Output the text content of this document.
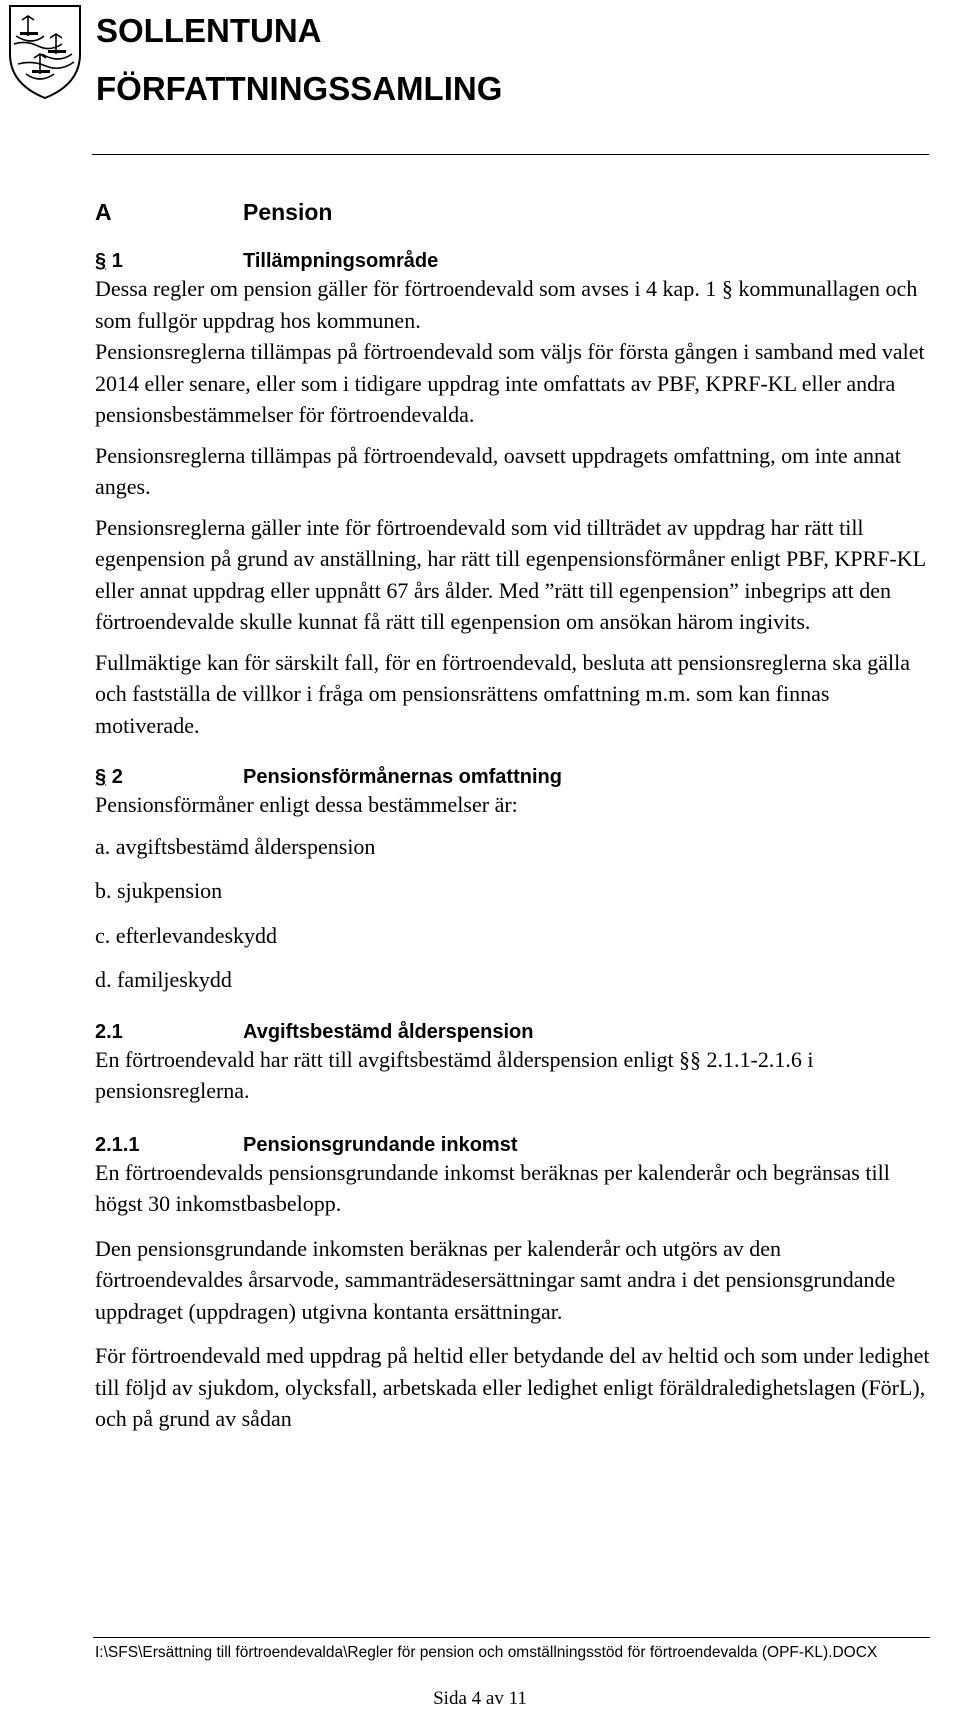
SOLLENTUNA
FÖRFATTNINGSSAMLING
A	Pension
§ 1	Tillämpningsområde

Dessa regler om pension gäller för förtroendevald som avses i 4 kap. 1 § kommunallagen och som fullgör uppdrag hos kommunen.

Pensionsreglerna tillämpas på förtroendevald som väljs för första gången i samband med valet 2014 eller senare, eller som i tidigare uppdrag inte omfattats av PBF, KPRF-KL eller andra pensionsbestämmelser för förtroendevalda.

Pensionsreglerna tillämpas på förtroendevald, oavsett uppdragets omfattning, om inte annat anges.

Pensionsreglerna gäller inte för förtroendevald som vid tillträdet av uppdrag har rätt till egenpension på grund av anställning, har rätt till egenpensionsförmåner enligt PBF, KPRF-KL eller annat uppdrag eller uppnått 67 års ålder. Med ”rätt till egenpension” inbegrips att den förtroendevalde skulle kunnat få rätt till egenpension om ansökan härom ingivits.

Fullmäktige kan för särskilt fall, för en förtroendevald, besluta att pensionsreglerna ska gälla och fastställa de villkor i fråga om pensionsrättens omfattning m.m. som kan finnas motiverade.

§ 2	Pensionsförmånernas omfattning

Pensionsförmåner enligt dessa bestämmelser är:

a. avgiftsbestämd ålderspension

b. sjukpension

c. efterlevandeskydd

d. familjeskydd

2.1	Avgiftsbestämd ålderspension

En förtroendevald har rätt till avgiftsbestämd ålderspension enligt §§ 2.1.1-2.1.6 i pensionsreglerna.

2.1.1	Pensionsgrundande inkomst

En förtroendevalds pensionsgrundande inkomst beräknas per kalenderår och begränsas till högst 30 inkomstbasbelopp.

Den pensionsgrundande inkomsten beräknas per kalenderår och utgörs av den förtroendevaldes årsarvode, sammanträdesersättningar samt andra i det pensionsgrundande uppdraget (uppdragen) utgivna kontanta ersättningar.

För förtroendevald med uppdrag på heltid eller betydande del av heltid och som under ledighet till följd av sjukdom, olycksfall, arbetskada eller ledighet enligt föräldraledighetslagen (FörL), och på grund av sådan

I:\SFS\Ersättning till förtroendevalda\Regler för pension och omställningsstöd för förtroendevalda (OPF-KL).DOCX
Sida 4 av 11
